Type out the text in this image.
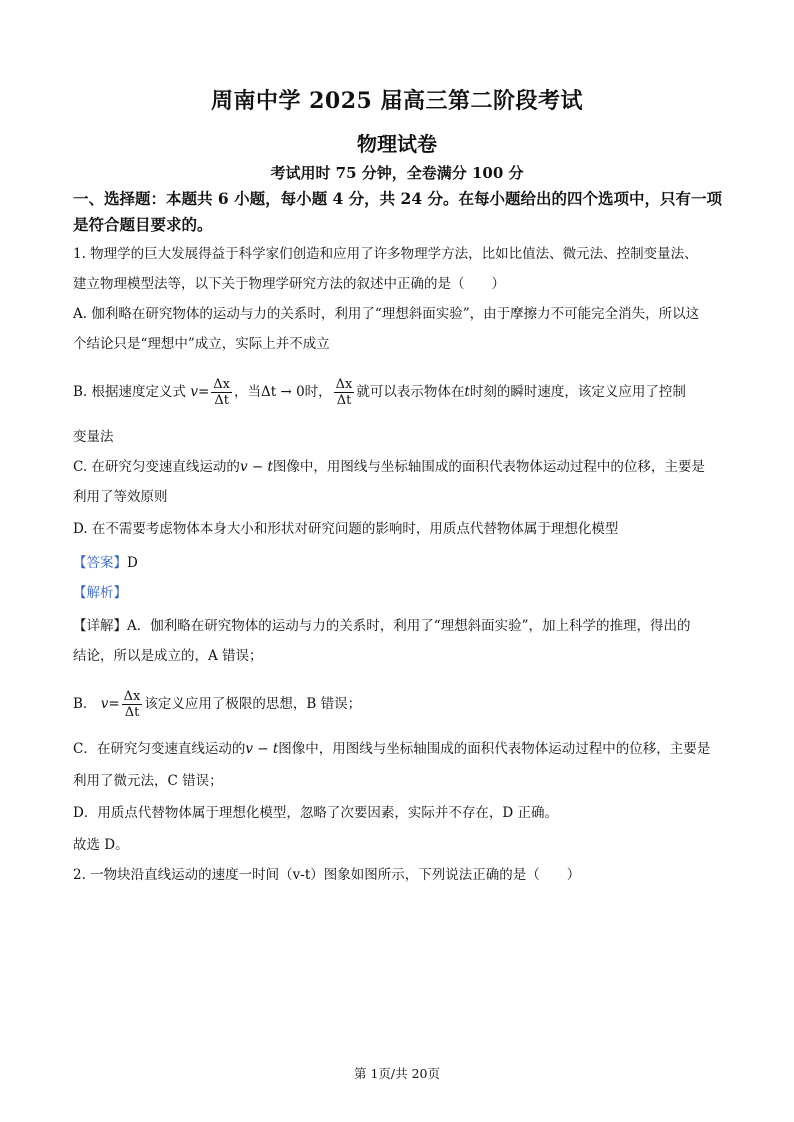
周南中学 2025 届高三第二阶段考试
物理试卷
考试用时 75 分钟，全卷满分 100 分
一、选择题：本题共 6 小题，每小题 4 分，共 24 分。在每小题给出的四个选项中，只有一项
是符合题目要求的。
1. 物理学的巨大发展得益于科学家们创造和应用了许多物理学方法，比如比值法、微元法、控制变量法、
建立物理模型法等，以下关于物理学研究方法的叙述中正确的是（　　）
A. 伽利略在研究物体的运动与力的关系时，利用了“理想斜面实验”，由于摩擦力不可能完全消失，所以这
个结论只是“理想中”成立，实际上并不成立
B. 根据速度定义式 $v= \frac{\Delta x}{\Delta t}$ ，当Δt → 0时， $\frac{\Delta x}{\Delta t}$ 就可以表示物体在t时刻的瞬时速度，该定义应用了控制
变量法
C. 在研究匀变速直线运动的v − t图像中，用图线与坐标轴围成的面积代表物体运动过程中的位移，主要是
利用了等效原则
D. 在不需要考虑物体本身大小和形状对研究问题的影响时，用质点代替物体属于理想化模型
【答案】D
【解析】
【详解】A．伽利略在研究物体的运动与力的关系时，利用了“理想斜面实验”，加上科学的推理，得出的
结论，所以是成立的，A 错误；
B． $v= \frac{\Delta x}{\Delta t}$ 该定义应用了极限的思想，B 错误；
C．在研究匀变速直线运动的v − t图像中，用图线与坐标轴围成的面积代表物体运动过程中的位移，主要是
利用了微元法，C 错误；
D．用质点代替物体属于理想化模型，忽略了次要因素，实际并不存在，D 正确。
故选 D。
2. 一物块沿直线运动的速度一时间（v-t）图象如图所示，下列说法正确的是（　　）
第 1页/共 20页
